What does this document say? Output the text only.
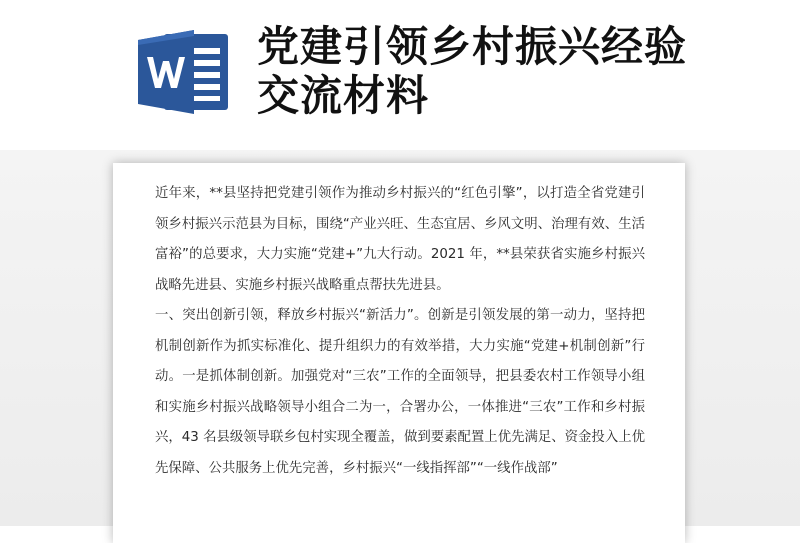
党建引领乡村振兴经验交流材料

近年来，**县坚持把党建引领作为推动乡村振兴的“红色引擎”，以打造全省党建引领乡村振兴示范县为目标，围绕“产业兴旺、生态宜居、乡风文明、治理有效、生活富裕”的总要求，大力实施“党建+”九大行动。2021 年，**县荣获省实施乡村振兴战略先进县、实施乡村振兴战略重点帮扶先进县。

一、突出创新引领，释放乡村振兴“新活力”。创新是引领发展的第一动力，坚持把机制创新作为抓实标准化、提升组织力的有效举措，大力实施“党建+机制创新”行动。一是抓体制创新。加强党对“三农”工作的全面领导，把县委农村工作领导小组和实施乡村振兴战略领导小组合二为一，合署办公，一体推进“三农”工作和乡村振兴，43 名县级领导联乡包村实现全覆盖，做到要素配置上优先满足、资金投入上优先保障、公共服务上优先完善，乡村振兴“一线指挥部”“一线作战部”
